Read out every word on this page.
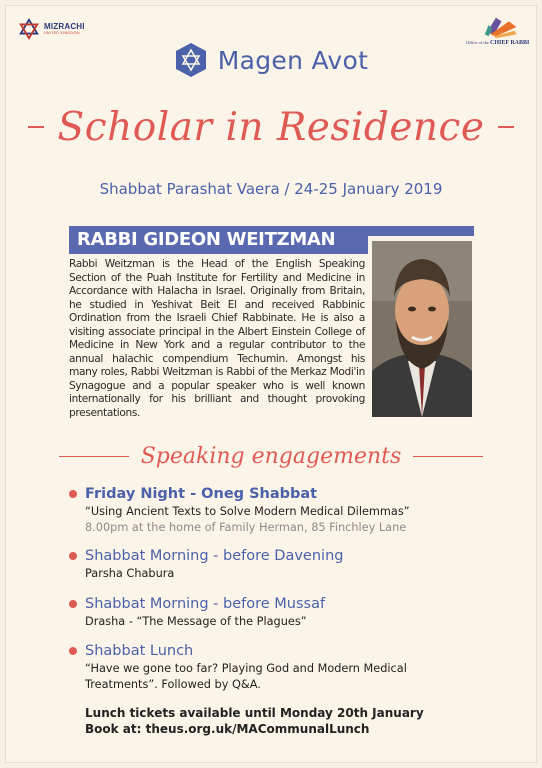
MIZRACHI
UNITED KINGDOM
Office of the CHIEF RABBI
Magen Avot
Scholar in Residence
Shabbat Parashat Vaera / 24-25 January 2019
RABBI GIDEON WEITZMAN
Rabbi Weitzman is the Head of the English Speaking Section of the Puah Institute for Fertility and Medicine in Accordance with Halacha in Israel. Originally from Britain, he studied in Yeshivat Beit El and received Rabbinic Ordination from the Israeli Chief Rabbinate. He is also a visiting associate principal in the Albert Einstein College of Medicine in New York and a regular contributor to the annual halachic compendium Techumin. Amongst his many roles, Rabbi Weitzman is Rabbi of the Merkaz Modi'in Synagogue and a popular speaker who is well known internationally for his brilliant and thought provoking presentations.
Speaking engagements
Friday Night - Oneg Shabbat
“Using Ancient Texts to Solve Modern Medical Dilemmas”
8.00pm at the home of Family Herman, 85 Finchley Lane
Shabbat Morning - before Davening
Parsha Chabura
Shabbat Morning - before Mussaf
Drasha - “The Message of the Plagues”
Shabbat Lunch
“Have we gone too far? Playing God and Modern Medical Treatments”. Followed by Q&A.
Lunch tickets available until Monday 20th January
Book at: theus.org.uk/MACommunalLunch
